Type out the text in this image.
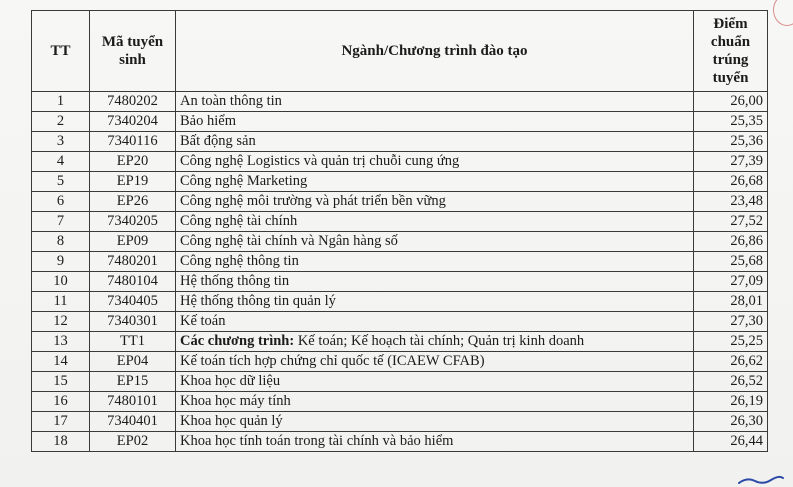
TT	Mã tuyển sinh	Ngành/Chương trình đào tạo	Điểm chuẩn trúng tuyển
1	7480202	An toàn thông tin	26,00
2	7340204	Bảo hiểm	25,35
3	7340116	Bất động sản	25,36
4	EP20	Công nghệ Logistics và quản trị chuỗi cung ứng	27,39
5	EP19	Công nghệ Marketing	26,68
6	EP26	Công nghệ môi trường và phát triển bền vững	23,48
7	7340205	Công nghệ tài chính	27,52
8	EP09	Công nghệ tài chính và Ngân hàng số	26,86
9	7480201	Công nghệ thông tin	25,68
10	7480104	Hệ thống thông tin	27,09
11	7340405	Hệ thống thông tin quản lý	28,01
12	7340301	Kế toán	27,30
13	TT1	Các chương trình: Kế toán; Kế hoạch tài chính; Quản trị kinh doanh	25,25
14	EP04	Kế toán tích hợp chứng chỉ quốc tế (ICAEW CFAB)	26,62
15	EP15	Khoa học dữ liệu	26,52
16	7480101	Khoa học máy tính	26,19
17	7340401	Khoa học quản lý	26,30
18	EP02	Khoa học tính toán trong tài chính và bảo hiểm	26,44
